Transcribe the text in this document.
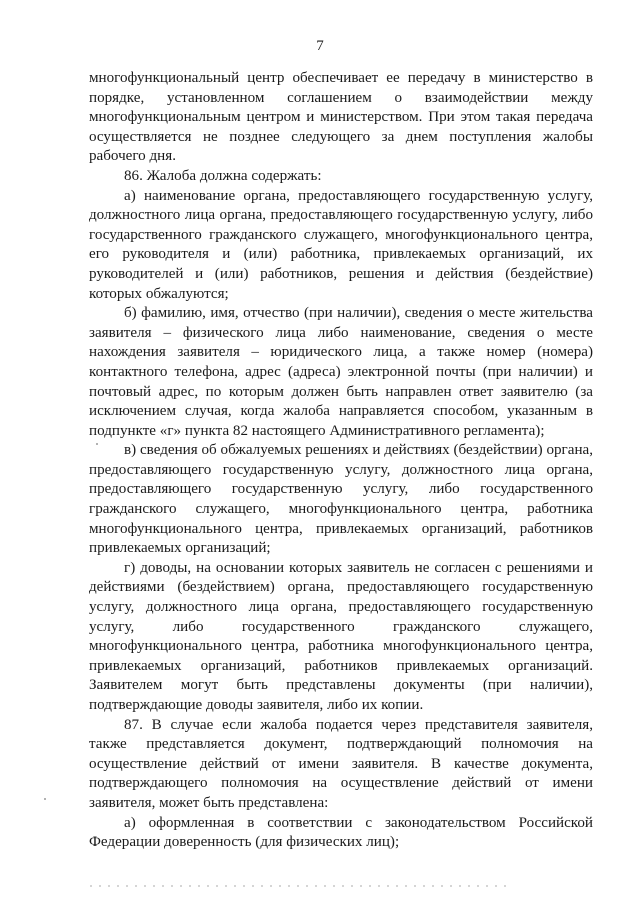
7

многофункциональный центр обеспечивает ее передачу в министерство в порядке, установленном соглашением о взаимодействии между многофункциональным центром и министерством. При этом такая передача осуществляется не позднее следующего за днем поступления жалобы рабочего дня.

86. Жалоба должна содержать:

а) наименование органа, предоставляющего государственную услугу, должностного лица органа, предоставляющего государственную услугу, либо государственного гражданского служащего, многофункционального центра, его руководителя и (или) работника, привлекаемых организаций, их руководителей и (или) работников, решения и действия (бездействие) которых обжалуются;

б) фамилию, имя, отчество (при наличии), сведения о месте жительства заявителя – физического лица либо наименование, сведения о месте нахождения заявителя – юридического лица, а также номер (номера) контактного телефона, адрес (адреса) электронной почты (при наличии) и почтовый адрес, по которым должен быть направлен ответ заявителю (за исключением случая, когда жалоба направляется способом, указанным в подпункте «г» пункта 82 настоящего Административного регламента);

в) сведения об обжалуемых решениях и действиях (бездействии) органа, предоставляющего государственную услугу, должностного лица органа, предоставляющего государственную услугу, либо государственного гражданского служащего, многофункционального центра, работника многофункционального центра, привлекаемых организаций, работников привлекаемых организаций;

г) доводы, на основании которых заявитель не согласен с решениями и действиями (бездействием) органа, предоставляющего государственную услугу, должностного лица органа, предоставляющего государственную услугу, либо государственного гражданского служащего, многофункционального центра, работника многофункционального центра, привлекаемых организаций, работников привлекаемых организаций. Заявителем могут быть представлены документы (при наличии), подтверждающие доводы заявителя, либо их копии.

87. В случае если жалоба подается через представителя заявителя, также представляется документ, подтверждающий полномочия на осуществление действий от имени заявителя. В качестве документа, подтверждающего полномочия на осуществление действий от имени заявителя, может быть представлена:

а) оформленная в соответствии с законодательством Российской Федерации доверенность (для физических лиц);
